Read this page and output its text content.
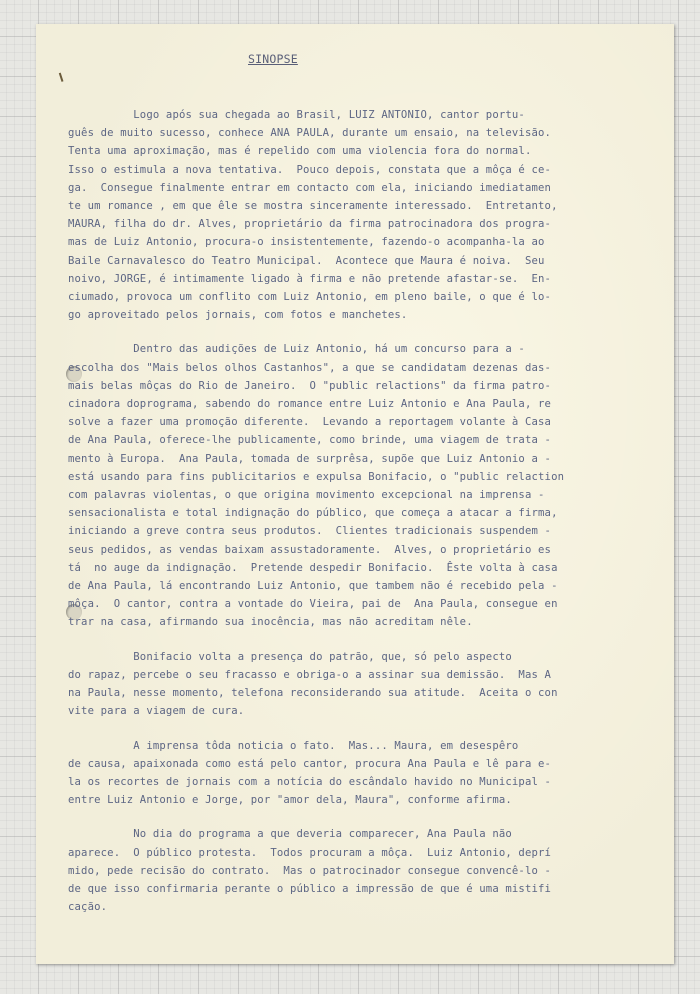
SINOPSE

Logo após sua chegada ao Brasil, LUIZ ANTONIO, cantor portu-
guês de muito sucesso, conhece ANA PAULA, durante um ensaio, na televisão.
Tenta uma aproximação, mas é repelido com uma violencia fora do normal.
Isso o estimula a nova tentativa.  Pouco depois, constata que a môça é ce-
ga.  Consegue finalmente entrar em contacto com ela, iniciando imediatamen
te um romance , em que êle se mostra sinceramente interessado.  Entretanto,
MAURA, filha do dr. Alves, proprietário da firma patrocinadora dos progra-
mas de Luiz Antonio, procura-o insistentemente, fazendo-o acompanha-la ao
Baile Carnavalesco do Teatro Municipal.  Acontece que Maura é noiva.  Seu
noivo, JORGE, é intimamente ligado à firma e não pretende afastar-se.  En-
ciumado, provoca um conflito com Luiz Antonio, em pleno baile, o que é lo-
go aproveitado pelos jornais, com fotos e manchetes.

Dentro das audições de Luiz Antonio, há um concurso para a -
escolha dos "Mais belos olhos Castanhos", a que se candidatam dezenas das-
mais belas môças do Rio de Janeiro.  O "public relactions" da firma patro-
cinadora doprograma, sabendo do romance entre Luiz Antonio e Ana Paula, re
solve a fazer uma promoção diferente.  Levando a reportagem volante à Casa
de Ana Paula, oferece-lhe publicamente, como brinde, uma viagem de trata -
mento à Europa.  Ana Paula, tomada de surprêsa, supõe que Luiz Antonio a -
está usando para fins publicitarios e expulsa Bonifacio, o "public relaction
com palavras violentas, o que origina movimento excepcional na imprensa -
sensacionalista e total indignação do público, que começa a atacar a firma,
iniciando a greve contra seus produtos.  Clientes tradicionais suspendem -
seus pedidos, as vendas baixam assustadoramente.  Alves, o proprietário es
tá  no auge da indignação.  Pretende despedir Bonifacio.  Êste volta à casa
de Ana Paula, lá encontrando Luiz Antonio, que tambem não é recebido pela -
môça.  O cantor, contra a vontade do Vieira, pai de  Ana Paula, consegue en
trar na casa, afirmando sua inocência, mas não acreditam nêle.

Bonifacio volta a presença do patrão, que, só pelo aspecto
do rapaz, percebe o seu fracasso e obriga-o a assinar sua demissão.  Mas A
na Paula, nesse momento, telefona reconsiderando sua atitude.  Aceita o con
vite para a viagem de cura.

A imprensa tôda noticia o fato.  Mas... Maura, em desespêro
de causa, apaixonada como está pelo cantor, procura Ana Paula e lê para e-
la os recortes de jornais com a notícia do escândalo havido no Municipal -
entre Luiz Antonio e Jorge, por "amor dela, Maura", conforme afirma.

No dia do programa a que deveria comparecer, Ana Paula não
aparece.  O público protesta.  Todos procuram a môça.  Luiz Antonio, deprí
mido, pede recisão do contrato.  Mas o patrocinador consegue convencê-lo -
de que isso confirmaria perante o público a impressão de que é uma mistifi
cação.
